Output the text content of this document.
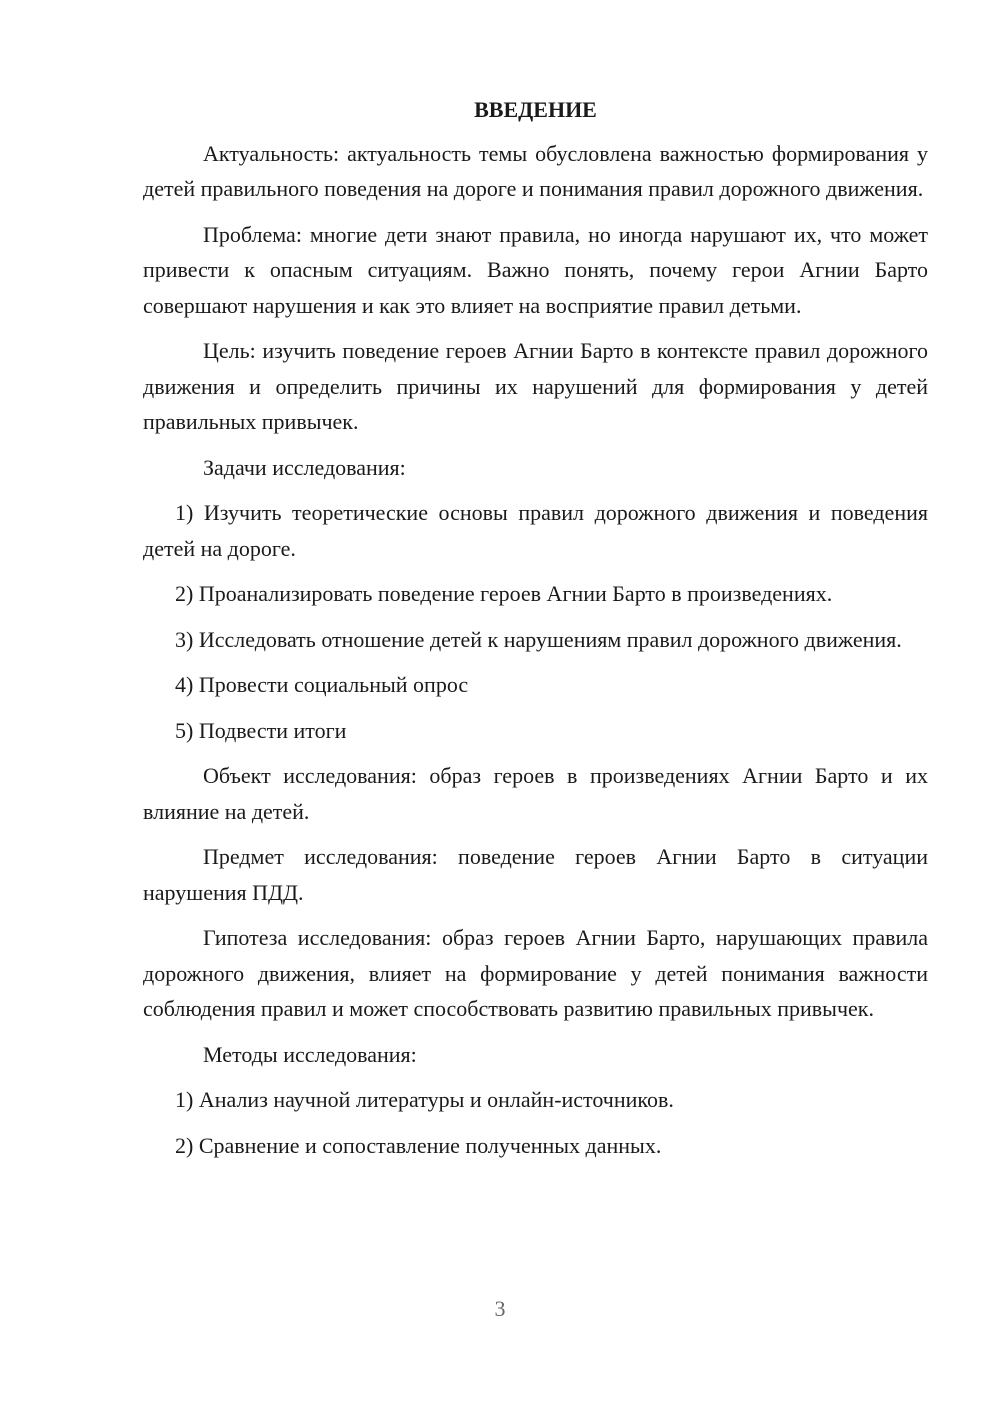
ВВЕДЕНИЕ

Актуальность: актуальность темы обусловлена важностью формирования у детей правильного поведения на дороге и понимания правил дорожного движения.

Проблема: многие дети знают правила, но иногда нарушают их, что может привести к опасным ситуациям. Важно понять, почему герои Агнии Барто совершают нарушения и как это влияет на восприятие правил детьми.

Цель: изучить поведение героев Агнии Барто в контексте правил дорожного движения и определить причины их нарушений для формирования у детей правильных привычек.

Задачи исследования:

1) Изучить теоретические основы правил дорожного движения и поведения детей на дороге.

2) Проанализировать поведение героев Агнии Барто в произведениях.

3) Исследовать отношение детей к нарушениям правил дорожного движения.

4) Провести социальный опрос

5) Подвести итоги

Объект исследования: образ героев в произведениях Агнии Барто и их влияние на детей.

Предмет исследования: поведение героев Агнии Барто в ситуации нарушения ПДД.

Гипотеза исследования: образ героев Агнии Барто, нарушающих правила дорожного движения, влияет на формирование у детей понимания важности соблюдения правил и может способствовать развитию правильных привычек.

Методы исследования:

1) Анализ научной литературы и онлайн-источников.

2) Сравнение и сопоставление полученных данных.

3
